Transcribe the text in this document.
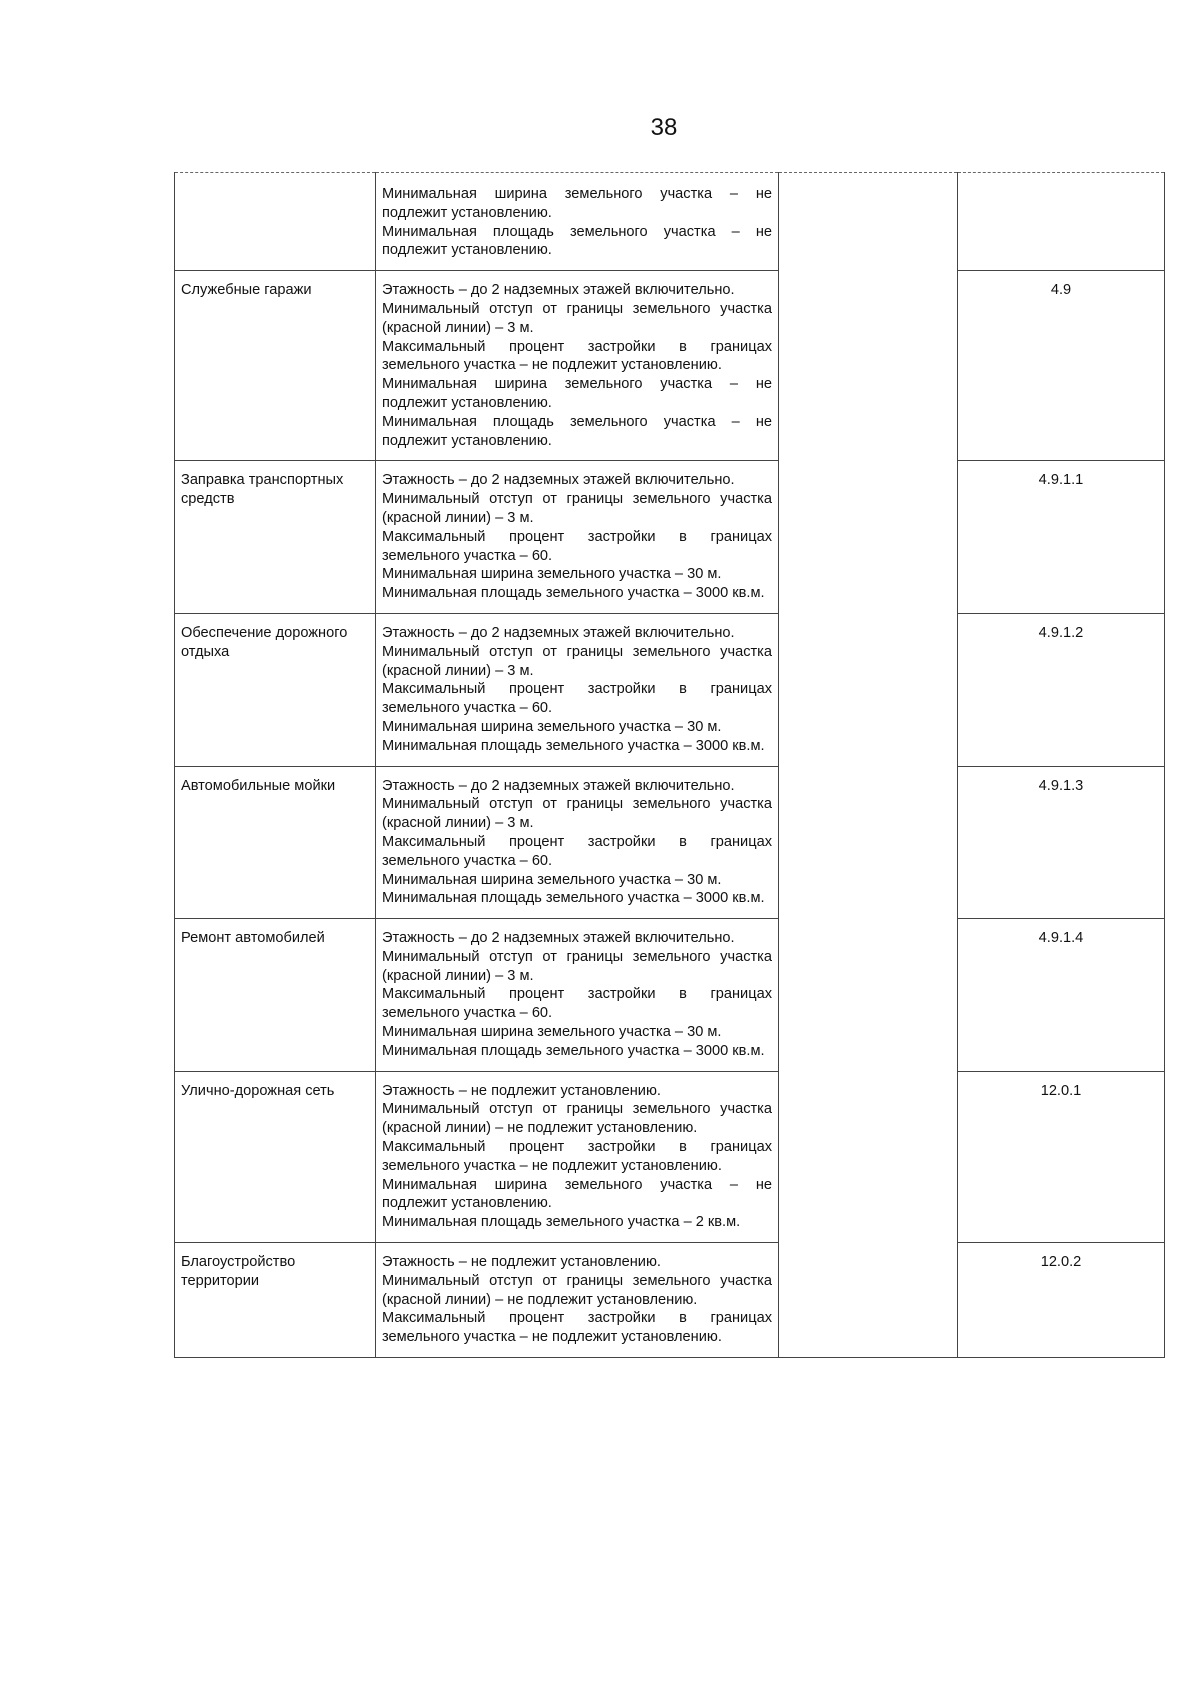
38

	Минимальная ширина земельного участка – не подлежит установлению.
Минимальная площадь земельного участка – не подлежит установлению.		

Служебные гаражи	Этажность – до 2 надземных этажей включительно.
Минимальный отступ от границы земельного участка (красной линии) – 3 м.
Максимальный процент застройки в границах земельного участка – не подлежит установлению.
Минимальная ширина земельного участка – не подлежит установлению.
Минимальная площадь земельного участка – не подлежит установлению.		4.9
Заправка транспортных средств	Этажность – до 2 надземных этажей включительно.
Минимальный отступ от границы земельного участка (красной линии) – 3 м.
Максимальный процент застройки в границах земельного участка – 60.
Минимальная ширина земельного участка – 30 м.
Минимальная площадь земельного участка – 3000 кв.м.		4.9.1.1
Обеспечение дорожного отдыха	Этажность – до 2 надземных этажей включительно.
Минимальный отступ от границы земельного участка (красной линии) – 3 м.
Максимальный процент застройки в границах земельного участка – 60.
Минимальная ширина земельного участка – 30 м.
Минимальная площадь земельного участка – 3000 кв.м.		4.9.1.2
Автомобильные мойки	Этажность – до 2 надземных этажей включительно.
Минимальный отступ от границы земельного участка (красной линии) – 3 м.
Максимальный процент застройки в границах земельного участка – 60.
Минимальная ширина земельного участка – 30 м.
Минимальная площадь земельного участка – 3000 кв.м.		4.9.1.3
Ремонт автомобилей	Этажность – до 2 надземных этажей включительно.
Минимальный отступ от границы земельного участка (красной линии) – 3 м.
Максимальный процент застройки в границах земельного участка – 60.
Минимальная ширина земельного участка – 30 м.
Минимальная площадь земельного участка – 3000 кв.м.		4.9.1.4
Улично-дорожная сеть	Этажность – не подлежит установлению.
Минимальный отступ от границы земельного участка (красной линии) – не подлежит установлению.
Максимальный процент застройки в границах земельного участка – не подлежит установлению.
Минимальная ширина земельного участка – не подлежит установлению.
Минимальная площадь земельного участка – 2 кв.м.		12.0.1
Благоустройство территории	Этажность – не подлежит установлению.
Минимальный отступ от границы земельного участка (красной линии) – не подлежит установлению.
Максимальный процент застройки в границах земельного участка – не подлежит установлению.		12.0.2
